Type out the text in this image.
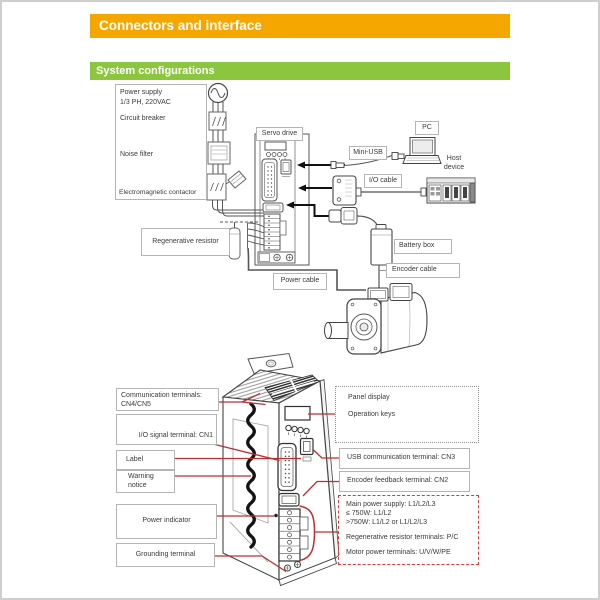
Connectors and interface
System configurations
Power supply
1/3 PH, 220VAC
Circuit breaker
Noise filter
Electromagnetic contactor
Servo drive
PC
Mini-USB
Host device
I/O cable
Battery box
Encoder cable
Power cable
Regenerative resistor
Communication terminals:
CN4/CN5
I/O signal terminal: CN1
Label
Warning
notice
Power indicator
Grounding terminal
Panel display
Operation keys
USB communication terminal: CN3
Encoder feedback terminal: CN2
Main power supply: L1/L2/L3
≤ 750W: L1/L2
>750W: L1/L2 or L1/L2/L3
Regenerative resistor terminals: P/C
Motor power terminals: U/V/W/PE
